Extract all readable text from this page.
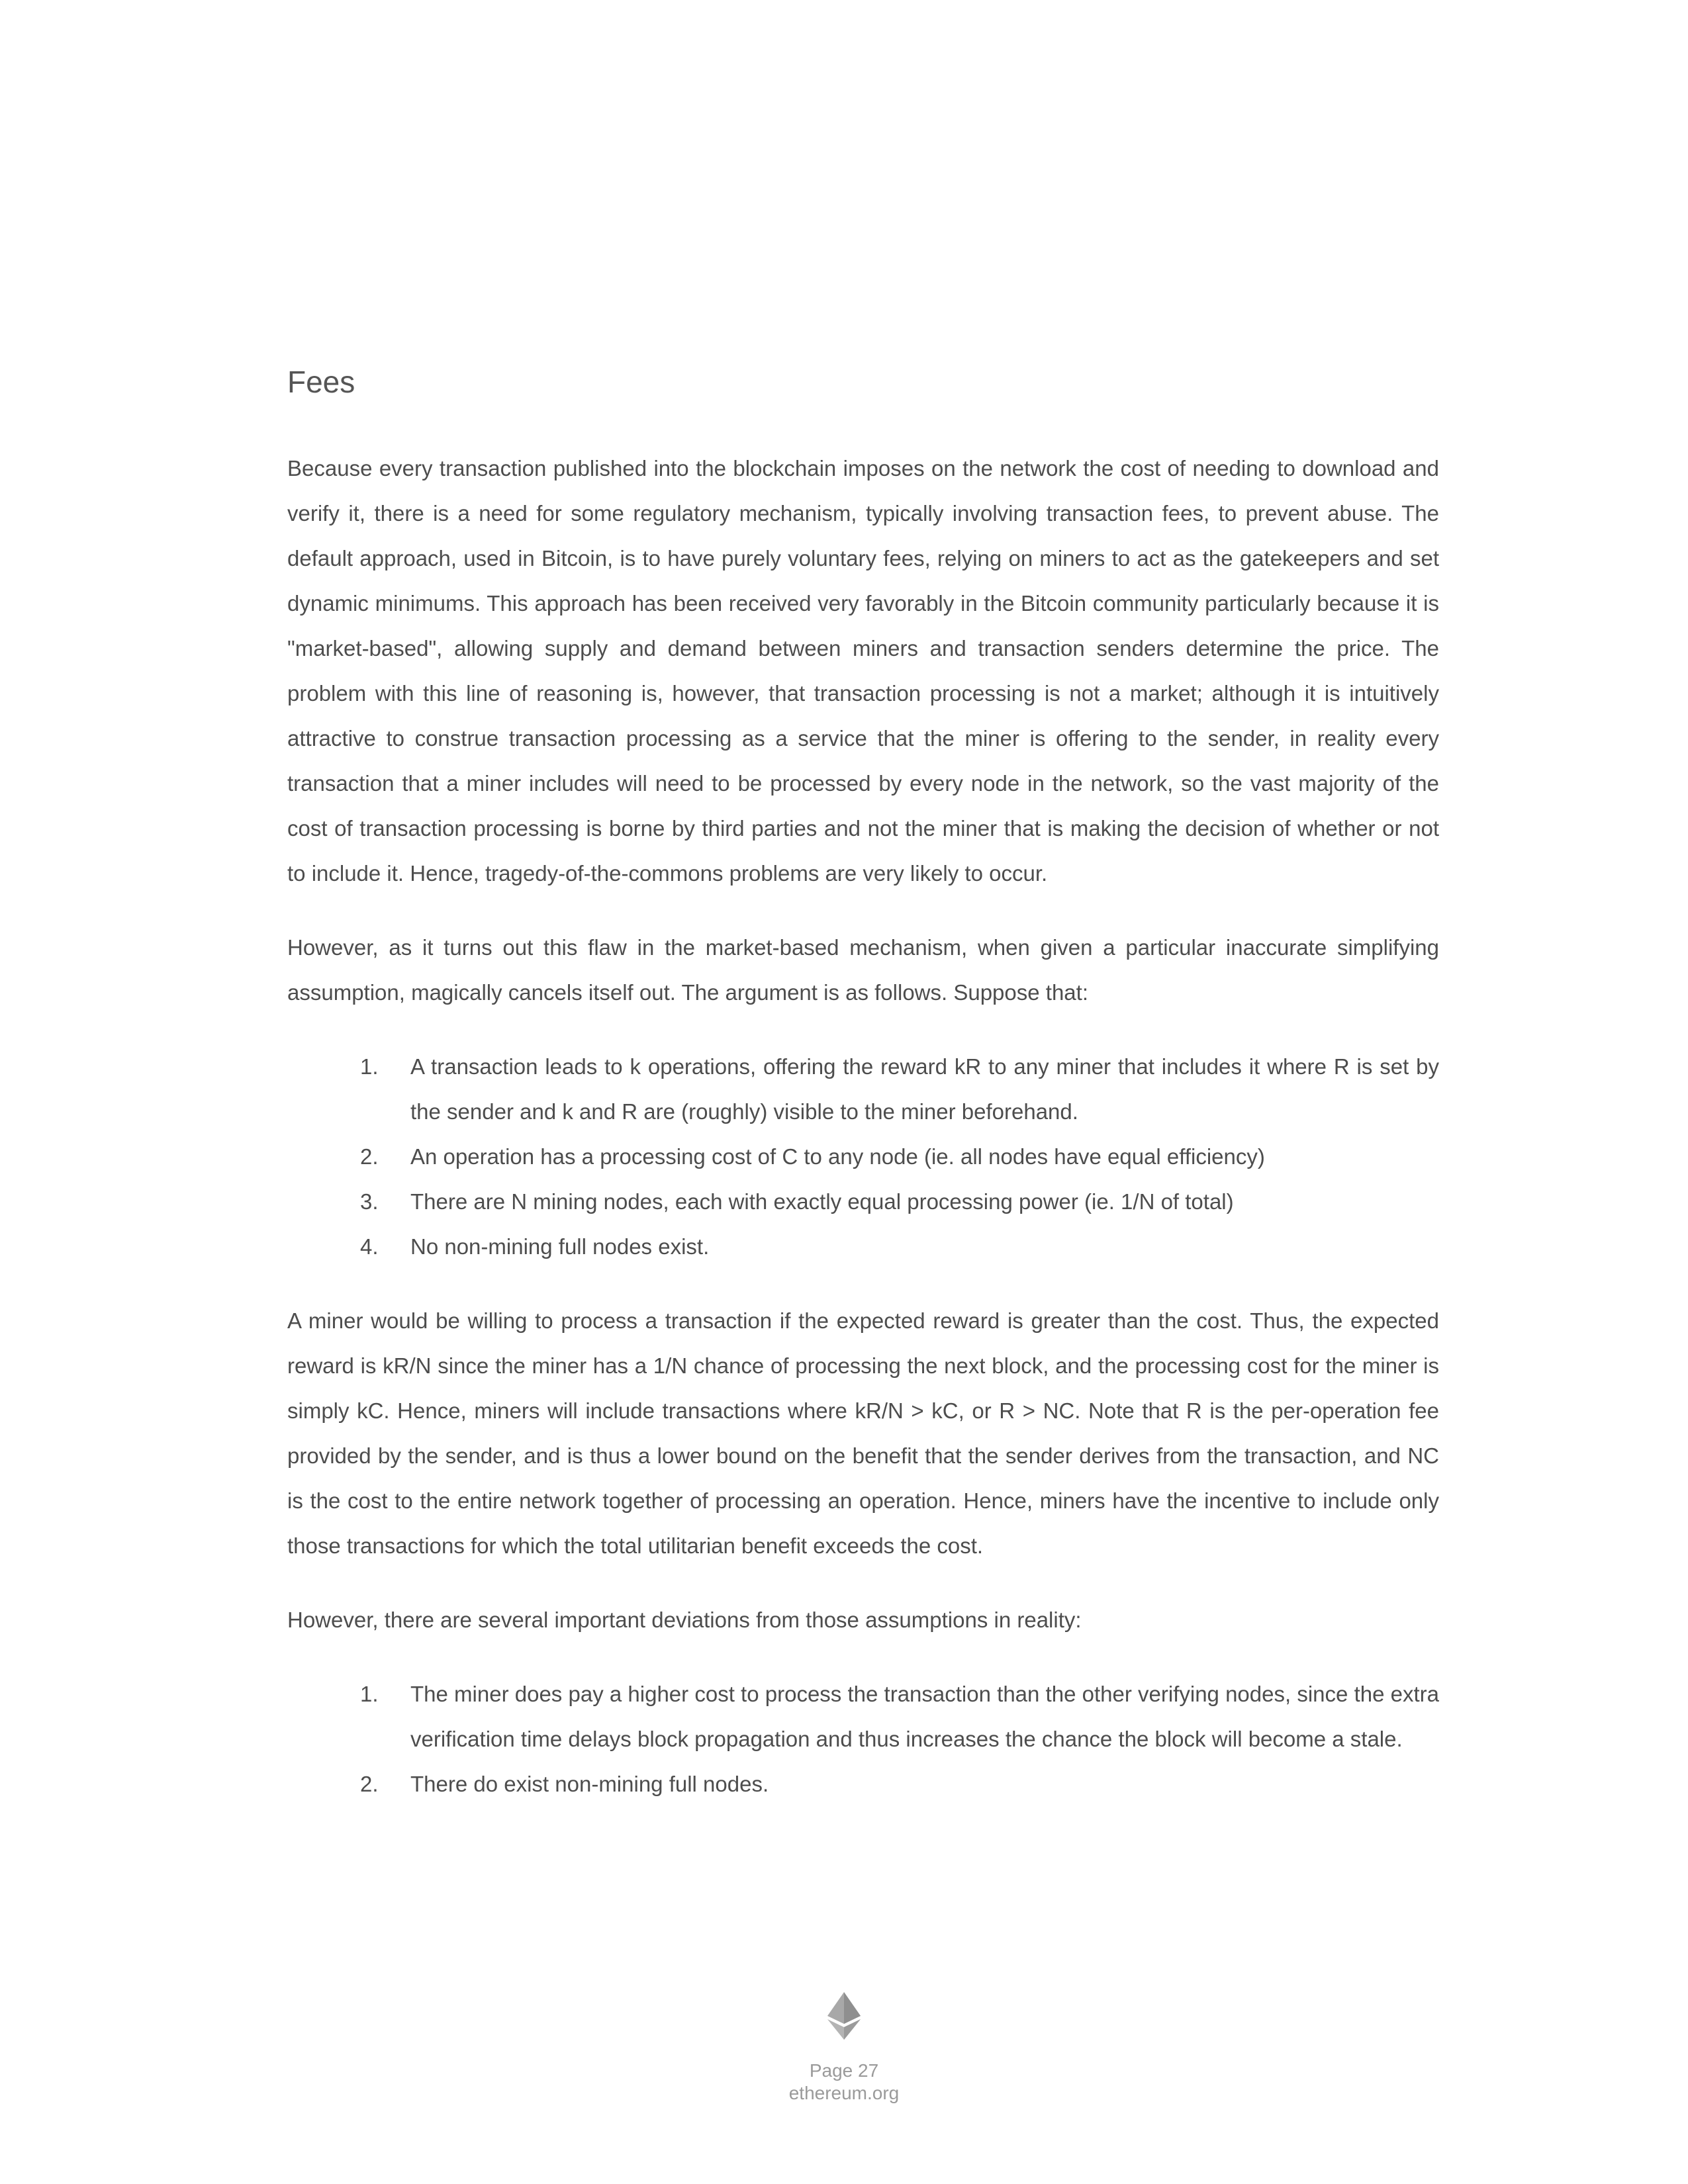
Fees

Because every transaction published into the blockchain imposes on the network the cost of needing to download and verify it, there is a need for some regulatory mechanism, typically involving transaction fees, to prevent abuse. The default approach, used in Bitcoin, is to have purely voluntary fees, relying on miners to act as the gatekeepers and set dynamic minimums. This approach has been received very favorably in the Bitcoin community particularly because it is "market-based", allowing supply and demand between miners and transaction senders determine the price. The problem with this line of reasoning is, however, that transaction processing is not a market; although it is intuitively attractive to construe transaction processing as a service that the miner is offering to the sender, in reality every transaction that a miner includes will need to be processed by every node in the network, so the vast majority of the cost of transaction processing is borne by third parties and not the miner that is making the decision of whether or not to include it. Hence, tragedy-of-the-commons problems are very likely to occur.

However, as it turns out this flaw in the market-based mechanism, when given a particular inaccurate simplifying assumption, magically cancels itself out. The argument is as follows. Suppose that:

1. A transaction leads to k operations, offering the reward kR to any miner that includes it where R is set by the sender and k and R are (roughly) visible to the miner beforehand.
2. An operation has a processing cost of C to any node (ie. all nodes have equal efficiency)
3. There are N mining nodes, each with exactly equal processing power (ie. 1/N of total)
4. No non-mining full nodes exist.

A miner would be willing to process a transaction if the expected reward is greater than the cost. Thus, the expected reward is kR/N since the miner has a 1/N chance of processing the next block, and the processing cost for the miner is simply kC. Hence, miners will include transactions where kR/N > kC, or R > NC. Note that R is the per-operation fee provided by the sender, and is thus a lower bound on the benefit that the sender derives from the transaction, and NC is the cost to the entire network together of processing an operation. Hence, miners have the incentive to include only those transactions for which the total utilitarian benefit exceeds the cost.

However, there are several important deviations from those assumptions in reality:

1. The miner does pay a higher cost to process the transaction than the other verifying nodes, since the extra verification time delays block propagation and thus increases the chance the block will become a stale.
2. There do exist non-mining full nodes.
Page 27
ethereum.org
